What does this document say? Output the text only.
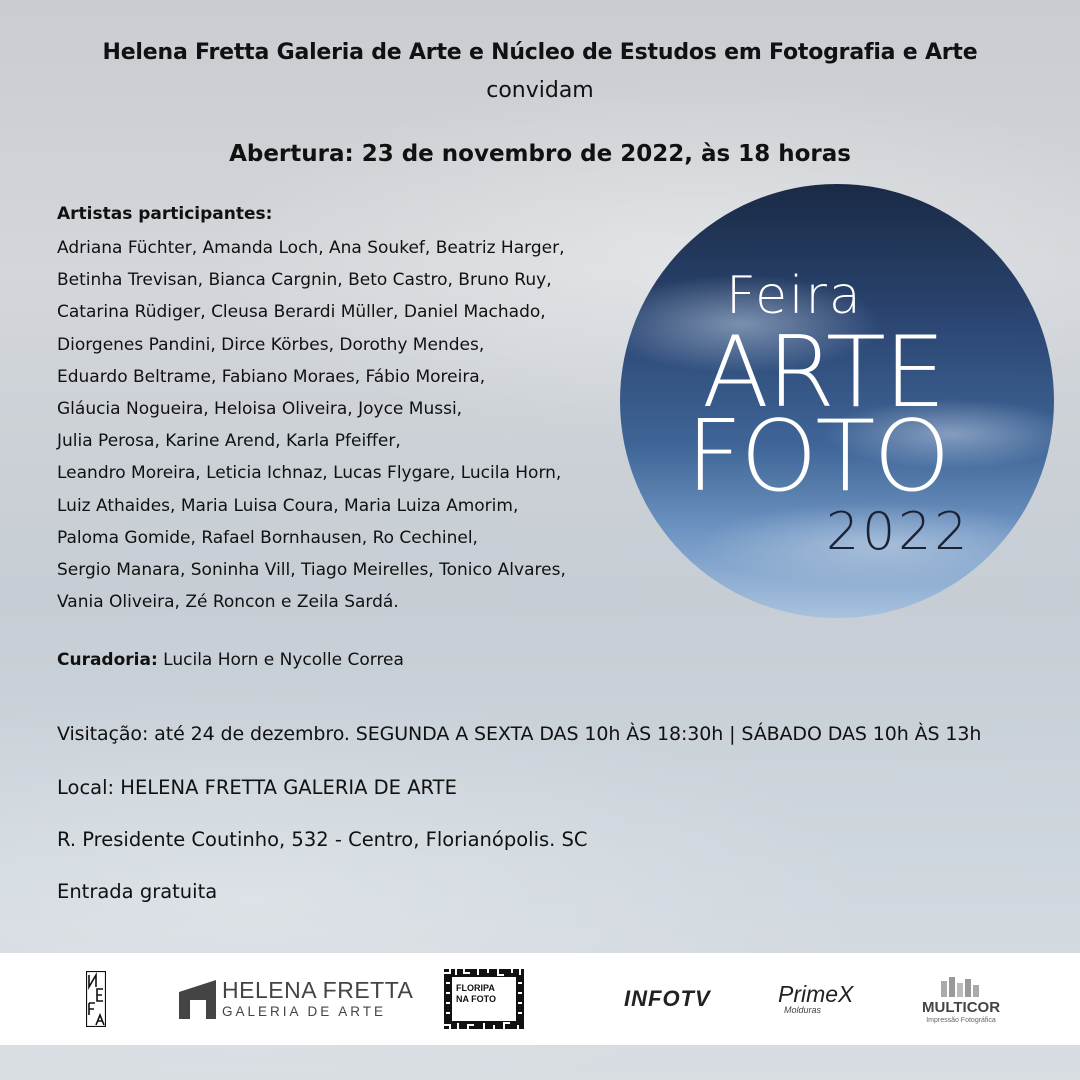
Helena Fretta Galeria de Arte e Núcleo de Estudos em Fotografia e Arte
convidam
Abertura: 23 de novembro de 2022, às 18 horas
Artistas participantes:
Adriana Füchter, Amanda Loch, Ana Soukef, Beatriz Harger,
Betinha Trevisan, Bianca Cargnin, Beto Castro, Bruno Ruy,
Catarina Rüdiger, Cleusa Berardi Müller, Daniel Machado,
Diorgenes Pandini, Dirce Körbes, Dorothy Mendes,
Eduardo Beltrame, Fabiano Moraes, Fábio Moreira,
Gláucia Nogueira, Heloisa Oliveira, Joyce Mussi,
Julia Perosa, Karine Arend, Karla Pfeiffer,
Leandro Moreira, Leticia Ichnaz, Lucas Flygare, Lucila Horn,
Luiz Athaides, Maria Luisa Coura, Maria Luiza Amorim,
Paloma Gomide, Rafael Bornhausen, Ro Cechinel,
Sergio Manara, Soninha Vill, Tiago Meirelles, Tonico Alvares,
Vania Oliveira, Zé Roncon e Zeila Sardá.
Curadoria: Lucila Horn e Nycolle Correa
Visitação: até 24 de dezembro. SEGUNDA A SEXTA DAS 10h ÀS 18:30h | SÁBADO DAS 10h ÀS 13h
Local: HELENA FRETTA GALERIA DE ARTE
R. Presidente Coutinho, 532 - Centro, Florianópolis. SC
Entrada gratuita
Feira
ARTE
FOTO
2022
HELENA FRETTA
GALERIA DE ARTE
FLORIPA
NA FOTO	INFOTV	PrimeX
Molduras	MULTICOR
Impressão Fotográfica
